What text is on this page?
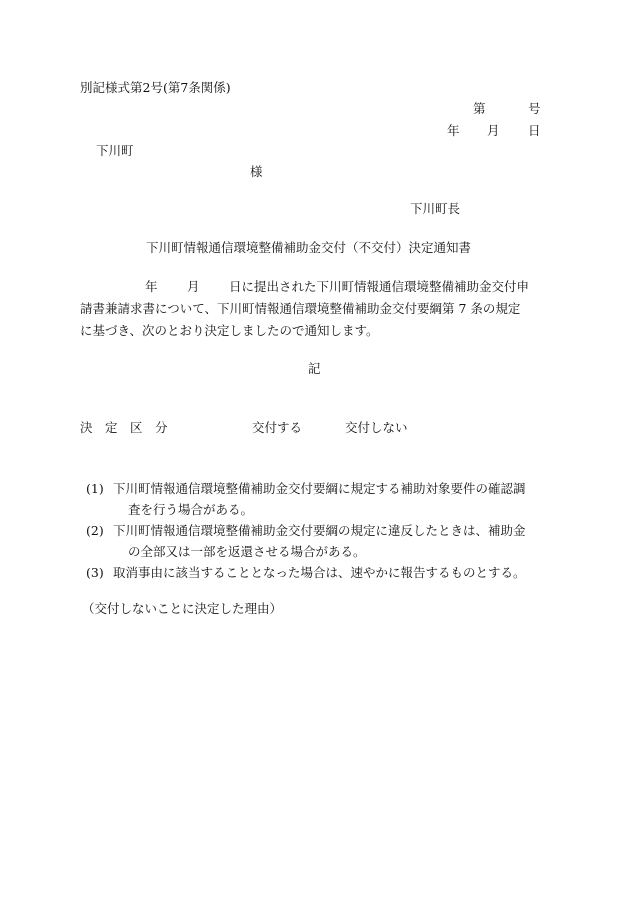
別記様式第2号(第7条関係)
第	号
年 月 日
下川町
様
下川町長
下川町情報通信環境整備補助金交付（不交付）決定通知書
年 月 日に提出された下川町情報通信環境整備補助金交付申
請書兼請求書について、下川町情報通信環境整備補助金交付要綱第 7 条の規定
に基づき、次のとおり決定しましたので通知します。
記
決　定　区　分	交付する	交付しない
(1) 下川町情報通信環境整備補助金交付要綱に規定する補助対象要件の確認調
査を行う場合がある。
(2) 下川町情報通信環境整備補助金交付要綱の規定に違反したときは、補助金
の全部又は一部を返還させる場合がある。
(3) 取消事由に該当することとなった場合は、速やかに報告するものとする。
（交付しないことに決定した理由）
